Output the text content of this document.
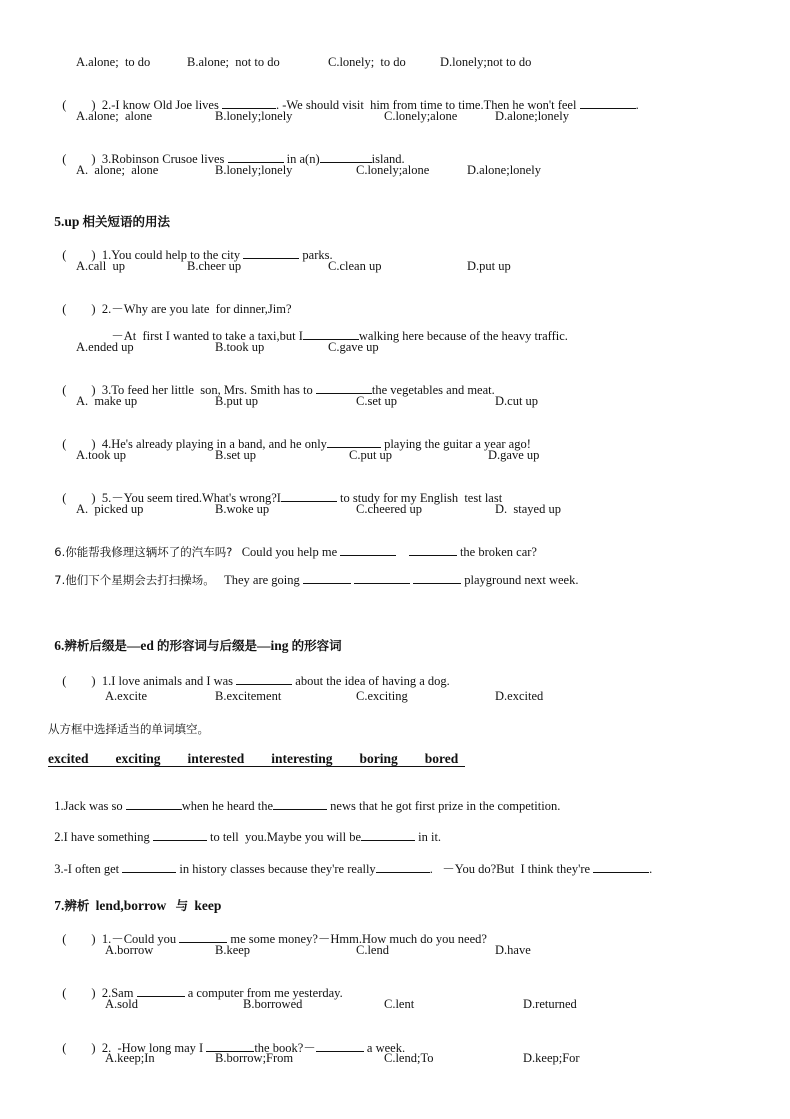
A.alone;  to do	B.alone;  not to do	C.lonely;  to do	D.lonely;not to do

(        ) 2.-I know Old Joe lives	. -We should visit  him from time to time.Then he won't feel	.

A.alone;  alone	B.lonely;lonely	C.lonely;alone	D.alone;lonely

(        ) 3.Robinson Crusoe lives	in a(n)	island.

A.  alone;  alone	B.lonely;lonely	C.lonely;alone	D.alone;lonely

5.up 相关短语的用法

(        ) 1.You could help to the city	parks.

A.call  up	B.cheer up	C.clean up	D.put up

(        ) 2.－Why are you late  for dinner,Jim?

－At  first I wanted to take a taxi,but I	walking here because of the heavy traffic.

A.ended up	B.took up	C.gave up

(        ) 3.To feed her little  son, Mrs. Smith has to	the vegetables and meat.

A.  make up	B.put up	C.set up	D.cut up

(        ) 4.He's already playing in a band, and he only	playing the guitar a year ago!

A.took up	B.set up	C.put up	D.gave up

(        ) 5.－You seem tired.What's wrong?I	to study for my English  test last

A.  picked up	B.woke up	C.cheered up	D.  stayed up

6.你能帮我修理这辆坏了的汽车吗? Could you help me	the broken car?

7.他们下个星期会去打扫操场。 They are going	playground next week.

6.辨析后缀是—ed 的形容词与后缀是—ing 的形容词

(        ) 1.I love animals and I was	about the idea of having a dog.

A.excite	B.excitement	C.exciting	D.excited
从方框中选择适当的单词填空。
excited exciting interested interesting boring bored

1.Jack was so	when he heard the	news that he got first prize in the competition.

2.I have something	to tell  you.Maybe you will be	in it.

3.-I often get	in history classes because they're really	.   －You do?But  I think they're	.

7.辨析 lend,borrow 与 keep

(        ) 1.－Could you	me some money?－Hmm.How much do you need?

A.borrow	B.keep	C.lend	D.have

(        ) 2.Sam	a computer from me yesterday.

A.sold	B.borrowed	C.lent	D.returned

(        ) 2.  -How long may I	the book?－	a week.

A.keep;In	B.borrow;From	C.lend;To	D.keep;For
